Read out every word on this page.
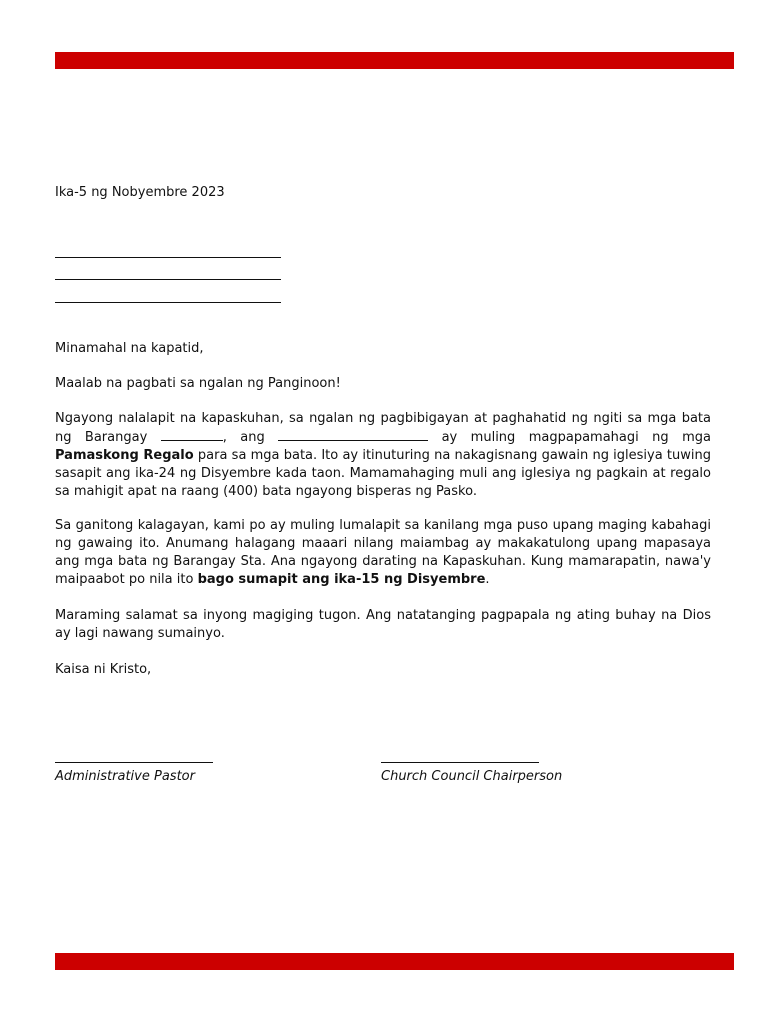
Ika-5 ng Nobyembre 2023
Minamahal na kapatid,
Maalab na pagbati sa ngalan ng Panginoon!
Ngayong nalalapit na kapaskuhan, sa ngalan ng pagbibigayan at paghahatid ng ngiti sa mga bata ng Barangay	, ang	ay muling magpapamahagi ng mga Pamaskong Regalo para sa mga bata. Ito ay itinuturing na nakagisnang gawain ng iglesiya tuwing sasapit ang ika-24 ng Disyembre kada taon. Mamamahaging muli ang iglesiya ng pagkain at regalo sa mahigit apat na raang (400) bata ngayong bisperas ng Pasko.
Sa ganitong kalagayan, kami po ay muling lumalapit sa kanilang mga puso upang maging kabahagi ng gawaing ito. Anumang halagang maaari nilang maiambag ay makakatulong upang mapasaya ang mga bata ng Barangay Sta. Ana ngayong darating na Kapaskuhan. Kung mamarapatin, nawa'y maipaabot po nila ito bago sumapit ang ika-15 ng Disyembre.
Maraming salamat sa inyong magiging tugon. Ang natatanging pagpapala ng ating buhay na Dios ay lagi nawang sumainyo.
Kaisa ni Kristo,
Administrative Pastor	Church Council Chairperson
